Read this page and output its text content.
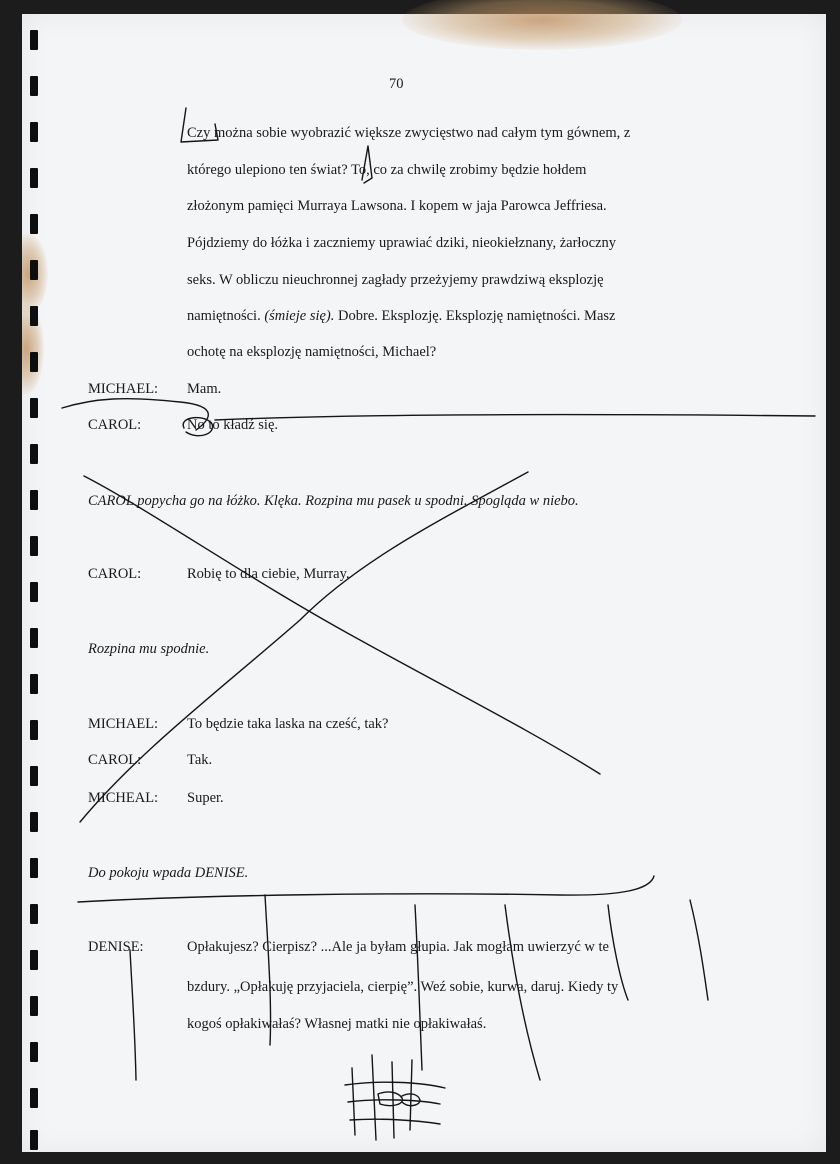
70
Czy można sobie wyobrazić większe zwycięstwo nad całym tym gównem, z
którego ulepiono ten świat? To, co za chwilę zrobimy będzie hołdem
złożonym pamięci Murraya Lawsona. I kopem w jaja Parowca Jeffriesa.
Pójdziemy do łóżka i zaczniemy uprawiać dziki, nieokiełznany, żarłoczny
seks. W obliczu nieuchronnej zagłady przeżyjemy prawdziwą eksplozję
namiętności. (śmieje się). Dobre. Eksplozję. Eksplozję namiętności. Masz
ochotę na eksplozję namiętności, Michael?
MICHAEL: Mam.
CAROL:	No to kładź się.
CAROL popycha go na łóżko. Klęka. Rozpina mu pasek u spodni. Spogląda w niebo.
CAROL:	Robię to dla ciebie, Murray.
Rozpina mu spodnie.
MICHAEL: To będzie taka laska na cześć, tak?
CAROL:	Tak.
MICHEAL: Super.
Do pokoju wpada DENISE.
DENISE:	Opłakujesz? Cierpisz? ...Ale ja byłam głupia. Jak mogłam uwierzyć w te
bzdury. „Opłakuję przyjaciela, cierpię”. Weź sobie, kurwa, daruj. Kiedy ty
kogoś opłakiwałaś? Własnej matki nie opłakiwałaś.
